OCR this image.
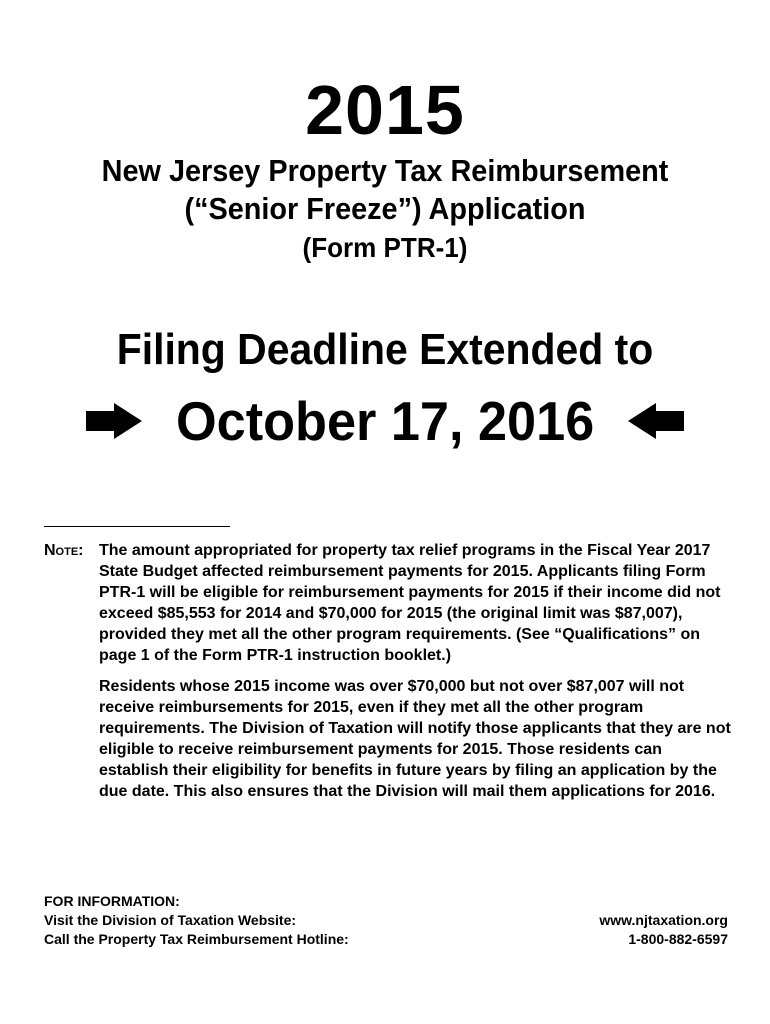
2015
New Jersey Property Tax Reimbursement
(“Senior Freeze”) Application
(Form PTR-1)
Filing Deadline Extended to
October 17, 2016
Note: The amount appropriated for property tax relief programs in the Fiscal Year 2017 State Budget affected reimbursement payments for 2015. Applicants filing Form PTR-1 will be eligible for reimbursement payments for 2015 if their income did not exceed $85,553 for 2014 and $70,000 for 2015 (the original limit was $87,007), provided they met all the other program requirements. (See “Qualifications” on page 1 of the Form PTR-1 instruction booklet.)

Residents whose 2015 income was over $70,000 but not over $87,007 will not receive reimbursements for 2015, even if they met all the other program requirements. The Division of Taxation will notify those applicants that they are not eligible to receive reimbursement payments for 2015. Those residents can establish their eligibility for benefits in future years by filing an application by the due date. This also ensures that the Division will mail them applications for 2016.

FOR INFORMATION:
Visit the Division of Taxation Website:	www.njtaxation.org
Call the Property Tax Reimbursement Hotline:	1-800-882-6597
